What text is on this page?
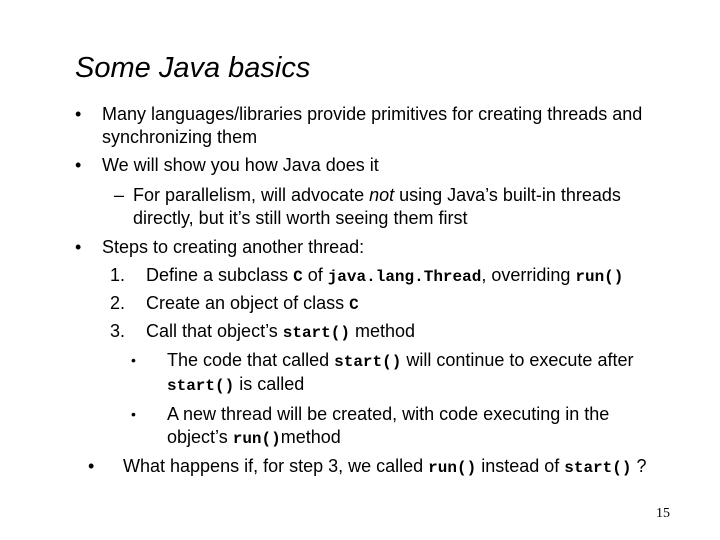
Some Java basics
• Many languages/libraries provide primitives for creating threads and
synchronizing them
• We will show you how Java does it
– For parallelism, will advocate not using Java’s built-in threads
directly, but it’s still worth seeing them first
• Steps to creating another thread:
1. Define a subclass C of java.lang.Thread, overriding run()
2. Create an object of class C
3. Call that object’s start() method
• The code that called start() will continue to execute after
start() is called
• A new thread will be created, with code executing in the
object’s run()method
• What happens if, for step 3, we called run() instead of start() ?
15
